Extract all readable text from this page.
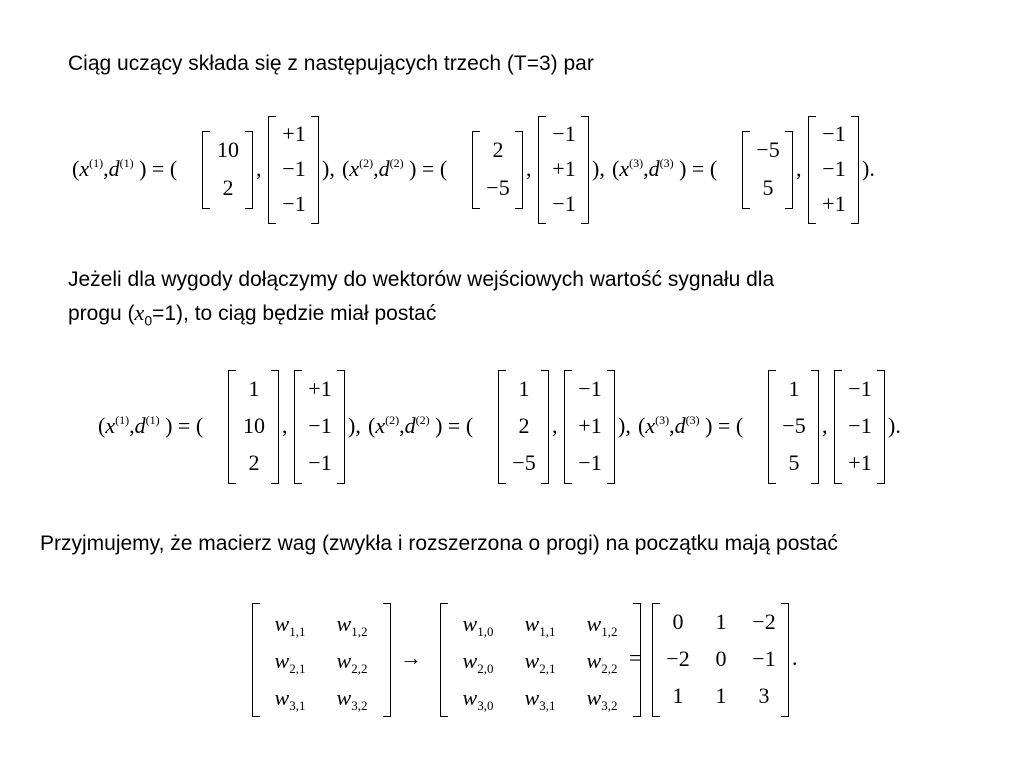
Ciąg uczący składa się z następujących trzech (T=3) par
Jeżeli dla wygody dołączymy do wektorów wejściowych wartość sygnału dla
progu $(x_0=1)$, to ciąg będzie miał postać
Przyjmujemy, że macierz wag (zwykła i rozszerzona o progi) na początku mają postać
($x^{(1)},d^{(1)}$ ) = (
10
2
,
+1
−1
−1
), ($x^{(2)},d^{(2)}$ ) = (
2
−5
,
−1
+1
−1
), ($x^{(3)},d^{(3)}$ ) = (
−5
5
,
−1
−1
+1
).
($x^{(1)},d^{(1)}$ ) = (
1
10
2
,
+1
−1
−1
), ($x^{(2)},d^{(2)}$ ) = (
1
2
−5
,
−1
+1
−1
), ($x^{(3)},d^{(3)}$ ) = (
1
−5
5
,
−1
−1
+1
).
$w_{1,1}$	$w_{1,2}$
$w_{2,1}$	$w_{2,2}$
$w_{3,1}$	$w_{3,2}$
→
$w_{1,0}$	$w_{1,1}$	$w_{1,2}$
$w_{2,0}$	$w_{2,1}$	$w_{2,2}$
$w_{3,0}$	$w_{3,1}$	$w_{3,2}$
=
0	1	−2
−2	0	−1
1	1	3
.
